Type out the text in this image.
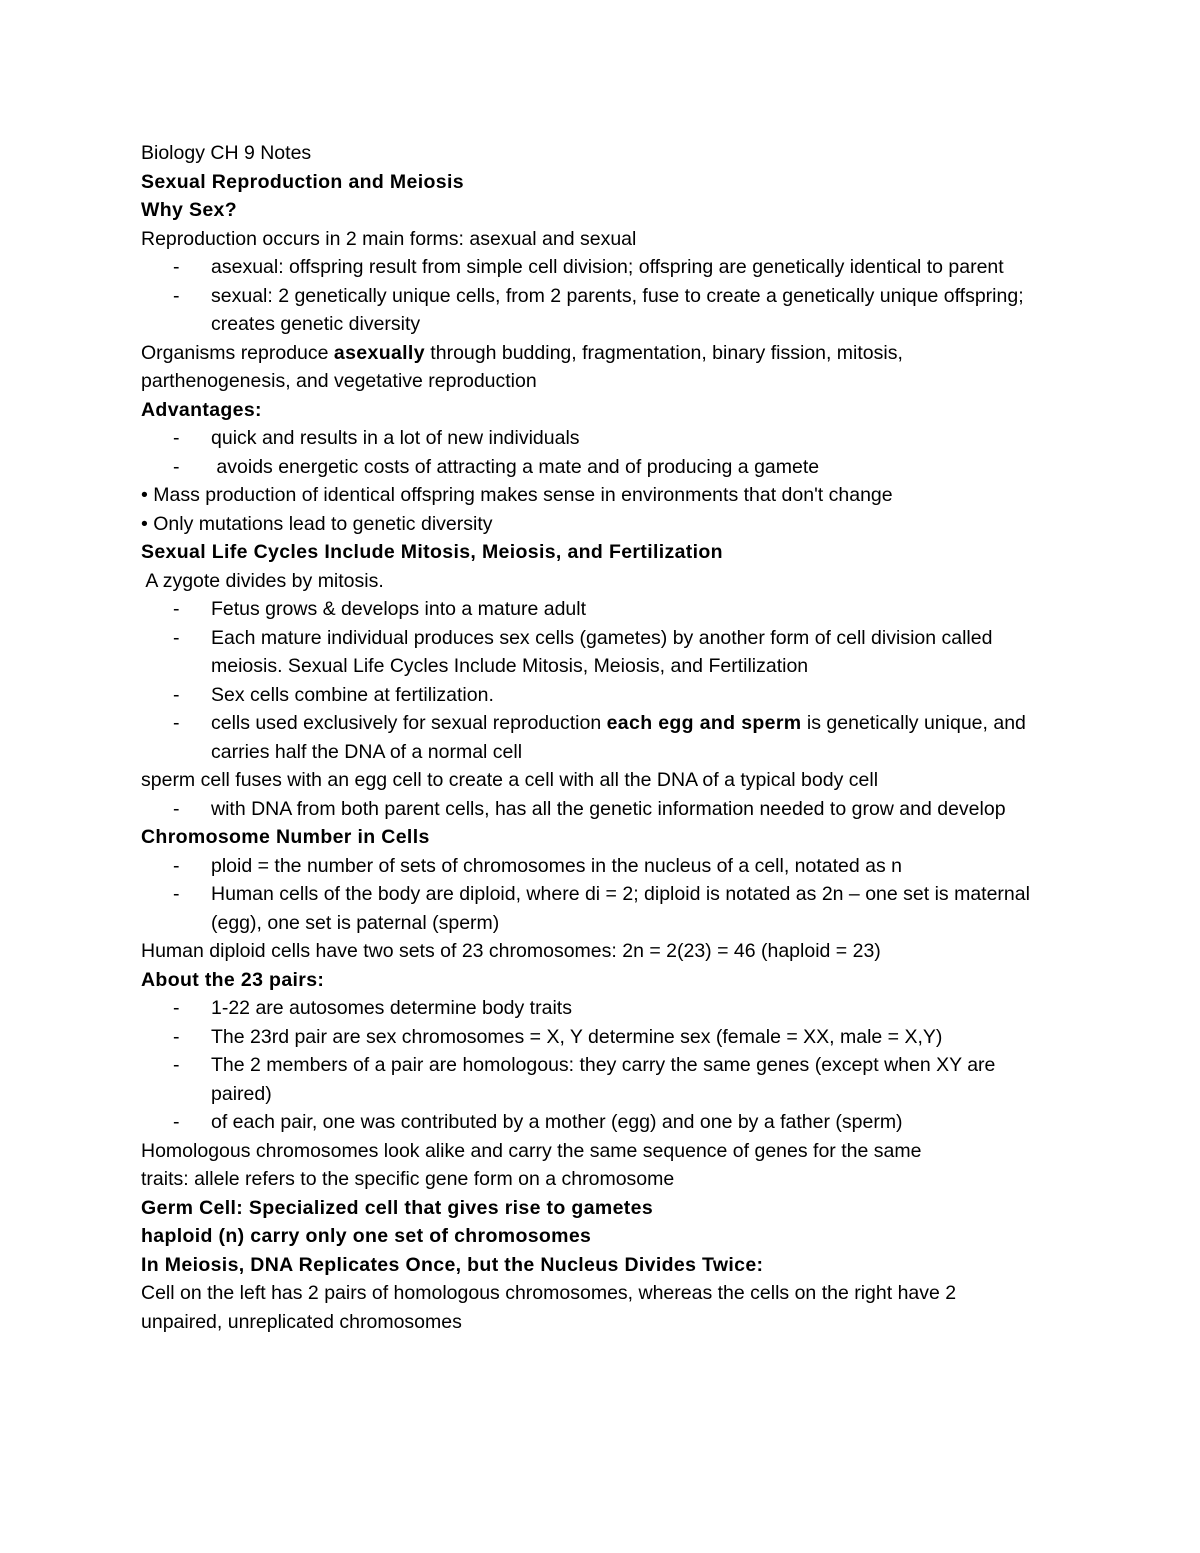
Biology CH 9 Notes
Sexual Reproduction and Meiosis
Why Sex?
Reproduction occurs in 2 main forms: asexual and sexual
- asexual: offspring result from simple cell division; offspring are genetically identical to parent
- sexual: 2 genetically unique cells, from 2 parents, fuse to create a genetically unique offspring; creates genetic diversity
Organisms reproduce asexually through budding, fragmentation, binary fission, mitosis,
parthenogenesis, and vegetative reproduction
Advantages:
- quick and results in a lot of new individuals
- avoids energetic costs of attracting a mate and of producing a gamete
• Mass production of identical offspring makes sense in environments that don't change
• Only mutations lead to genetic diversity
Sexual Life Cycles Include Mitosis, Meiosis, and Fertilization
A zygote divides by mitosis.
- Fetus grows & develops into a mature adult
- Each mature individual produces sex cells (gametes) by another form of cell division called meiosis. Sexual Life Cycles Include Mitosis, Meiosis, and Fertilization
- Sex cells combine at fertilization.
- cells used exclusively for sexual reproduction each egg and sperm is genetically unique, and carries half the DNA of a normal cell
sperm cell fuses with an egg cell to create a cell with all the DNA of a typical body cell
- with DNA from both parent cells, has all the genetic information needed to grow and develop
Chromosome Number in Cells
- ploid = the number of sets of chromosomes in the nucleus of a cell, notated as n
- Human cells of the body are diploid, where di = 2; diploid is notated as 2n – one set is maternal (egg), one set is paternal (sperm)
Human diploid cells have two sets of 23 chromosomes: 2n = 2(23) = 46 (haploid = 23)
About the 23 pairs:
- 1-22 are autosomes determine body traits
- The 23rd pair are sex chromosomes = X, Y determine sex (female = XX, male = X,Y)
- The 2 members of a pair are homologous: they carry the same genes (except when XY are paired)
- of each pair, one was contributed by a mother (egg) and one by a father (sperm)
Homologous chromosomes look alike and carry the same sequence of genes for the same
traits: allele refers to the specific gene form on a chromosome
Germ Cell: Specialized cell that gives rise to gametes
haploid (n) carry only one set of chromosomes
In Meiosis, DNA Replicates Once, but the Nucleus Divides Twice:
Cell on the left has 2 pairs of homologous chromosomes, whereas the cells on the right have 2
unpaired, unreplicated chromosomes
